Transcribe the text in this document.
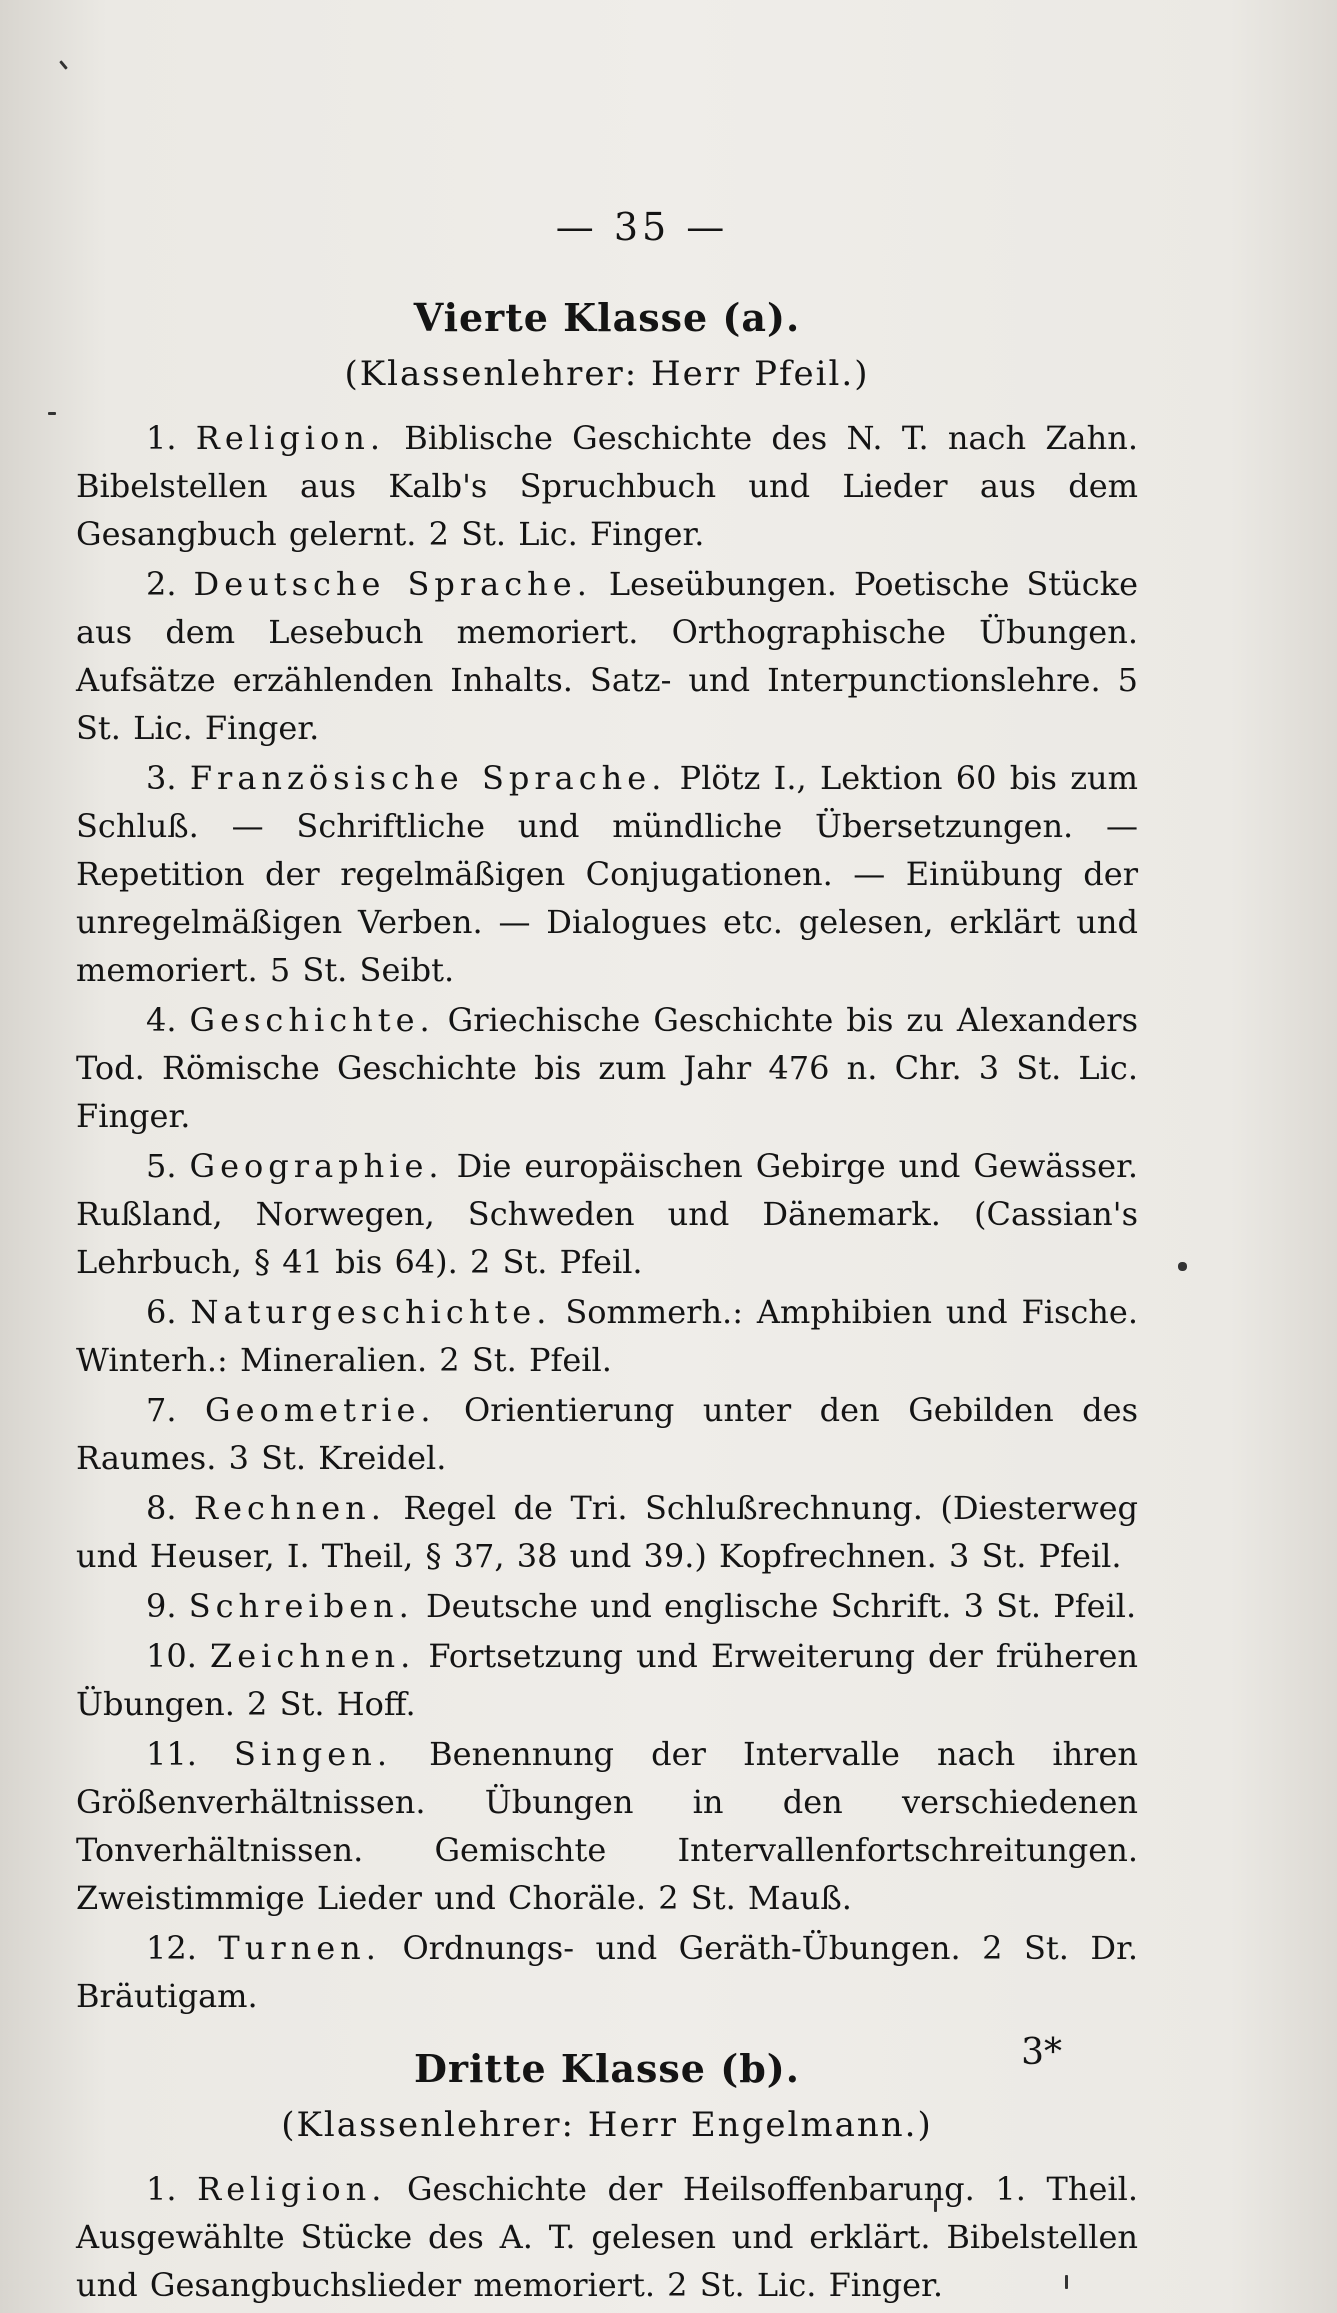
— 35 —
Vierte Klasse (a).
(Klassenlehrer: Herr Pfeil.)

1. Religion. Biblische Geschichte des N. T. nach Zahn. Bibelstellen aus Kalb's Spruchbuch und Lieder aus dem Gesangbuch gelernt. 2 St. Lic. Finger.

2. Deutsche Sprache. Leseübungen. Poetische Stücke aus dem Lesebuch memoriert. Orthographische Übungen. Aufsätze erzählenden Inhalts. Satz- und Interpunctionslehre. 5 St. Lic. Finger.

3. Französische Sprache. Plötz I., Lektion 60 bis zum Schluß. — Schriftliche und mündliche Übersetzungen. — Repetition der regelmäßigen Conjugationen. — Einübung der unregelmäßigen Verben. — Dialogues etc. gelesen, erklärt und memoriert. 5 St. Seibt.

4. Geschichte. Griechische Geschichte bis zu Alexanders Tod. Römische Geschichte bis zum Jahr 476 n. Chr. 3 St. Lic. Finger.

5. Geographie. Die europäischen Gebirge und Gewässer. Rußland, Norwegen, Schweden und Dänemark. (Cassian's Lehrbuch, § 41 bis 64). 2 St. Pfeil.

6. Naturgeschichte. Sommerh.: Amphibien und Fische. Winterh.: Mineralien. 2 St. Pfeil.

7. Geometrie. Orientierung unter den Gebilden des Raumes. 3 St. Kreidel.

8. Rechnen. Regel de Tri. Schlußrechnung. (Diesterweg und Heuser, I. Theil, § 37, 38 und 39.) Kopfrechnen. 3 St. Pfeil.

9. Schreiben. Deutsche und englische Schrift. 3 St. Pfeil.

10. Zeichnen. Fortsetzung und Erweiterung der früheren Übungen. 2 St. Hoff.

11. Singen. Benennung der Intervalle nach ihren Größenverhältnissen. Übungen in den verschiedenen Tonverhältnissen. Gemischte Intervallenfortschreitungen. Zweistimmige Lieder und Choräle. 2 St. Mauß.

12. Turnen. Ordnungs- und Geräth-Übungen. 2 St. Dr. Bräutigam.

Dritte Klasse (b).
(Klassenlehrer: Herr Engelmann.)

1. Religion. Geschichte der Heilsoffenbarung. 1. Theil. Ausgewählte Stücke des A. T. gelesen und erklärt. Bibelstellen und Gesangbuchslieder memoriert. 2 St. Lic. Finger.

3*
